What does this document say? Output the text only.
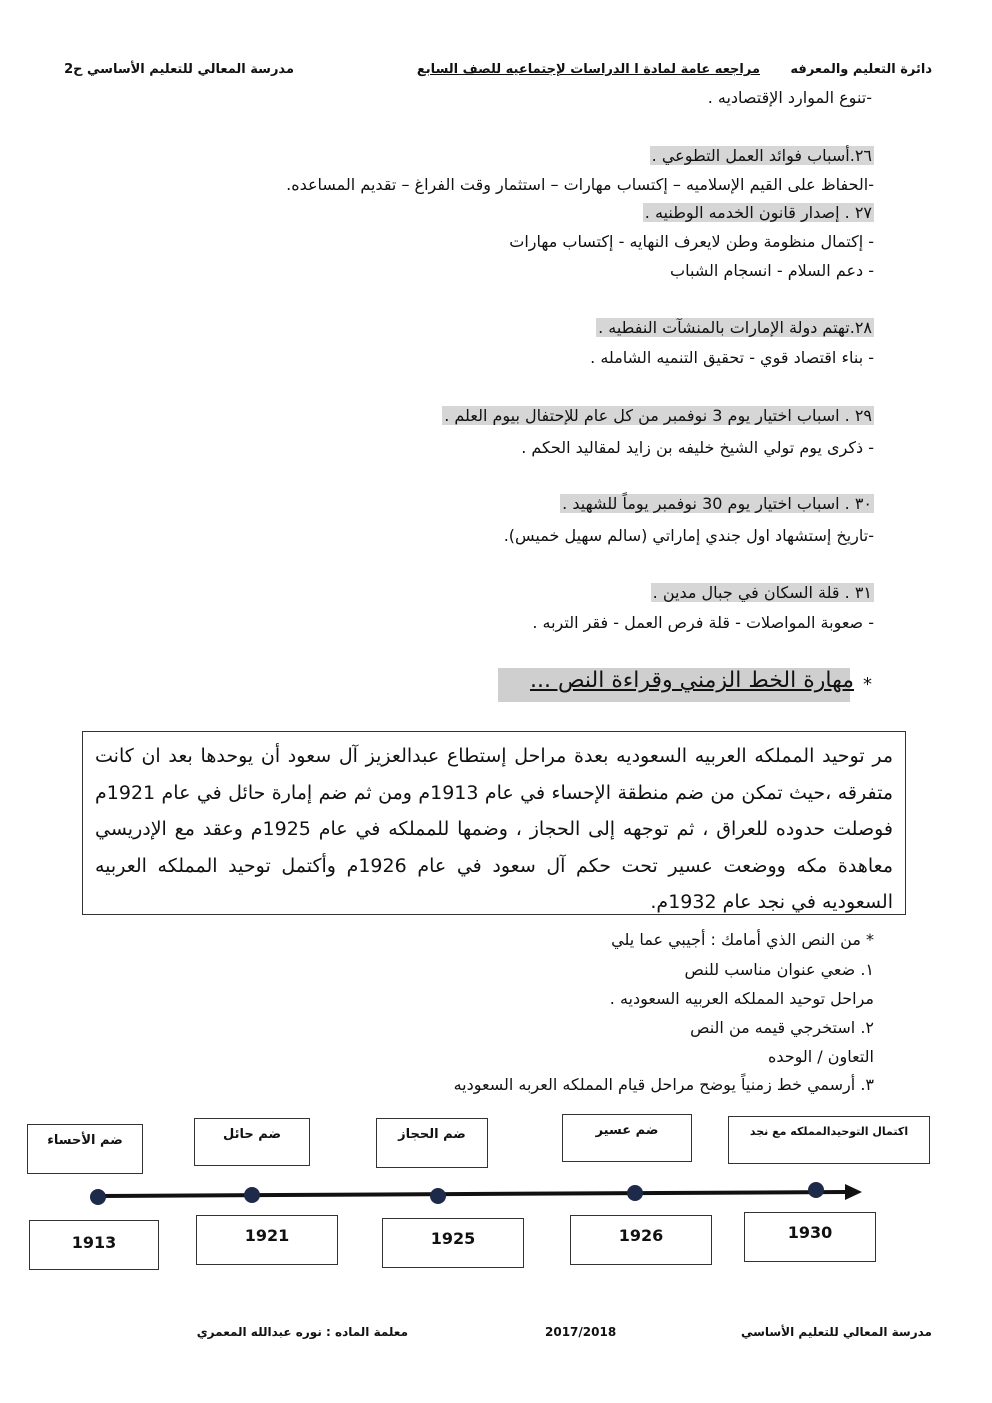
دائرة التعليم والمعرفه
مراجعه عامة لمادة ا الدراسات لإجتماعيه للصف السابع
مدرسة المعالي للتعليم الأساسي ح2
-تنوع الموارد الإقتصاديه .
٢٦.أسباب فوائد العمل التطوعي .
-الحفاظ على القيم الإسلاميه – إكتساب مهارات – استثمار وقت الفراغ – تقديم المساعده.
٢٧ . إصدار قانون الخدمه الوطنيه .
- إكتمال منظومة وطن لايعرف النهايه - إكتساب مهارات
- دعم السلام - انسجام الشباب
٢٨.تهتم دولة الإمارات بالمنشآت النفطيه .
- بناء اقتصاد قوي - تحقيق التنميه الشامله .
٢٩ . اسباب اختيار يوم 3 نوفمبر من كل عام للإحتفال بيوم العلم .
- ذكرى يوم تولي الشيخ خليفه بن زايد لمقاليد الحكم .
٣٠ . اسباب اختيار يوم 30 نوفمبر يوماً للشهيد .
-تاريخ إستشهاد اول جندي إماراتي (سالم سهيل خميس).
٣١ . قلة السكان في جبال مدين .
- صعوبة المواصلات - قلة فرص العمل - فقر التربه .
*
مهارة الخط الزمني وقراءة النص ...
مر توحيد المملكه العربيه السعوديه بعدة مراحل إستطاع عبدالعزيز آل سعود أن يوحدها بعد ان كانت متفرقه ،حيث تمكن من ضم منطقة الإحساء في عام 1913م ومن ثم ضم إمارة حائل في عام 1921م فوصلت حدوده للعراق ، ثم توجهه إلى الحجاز ، وضمها للمملكه في عام 1925م وعقد مع الإدريسي معاهدة مكه ووضعت عسير تحت حكم آل سعود في عام 1926م وأكتمل توحيد المملكه العربيه السعوديه في نجد عام 1932م.
* من النص الذي أمامك : أجيبي عما يلي
١. ضعي عنوان مناسب للنص
مراحل توحيد المملكه العربيه السعوديه .
٢. استخرجي قيمه من النص
التعاون / الوحده
٣. أرسمي خط زمنياً يوضح مراحل قيام المملكه العربه السعوديه
ضم الأحساء	ضم حائل	ضم الحجاز	ضم عسير	اكتمال التوحيدالمملكه مع نجد
1913	1921	1925	1926	1930
مدرسة المعالي للتعليم الأساسي
2017/2018
معلمة الماده : نوره عبدالله المعمري
